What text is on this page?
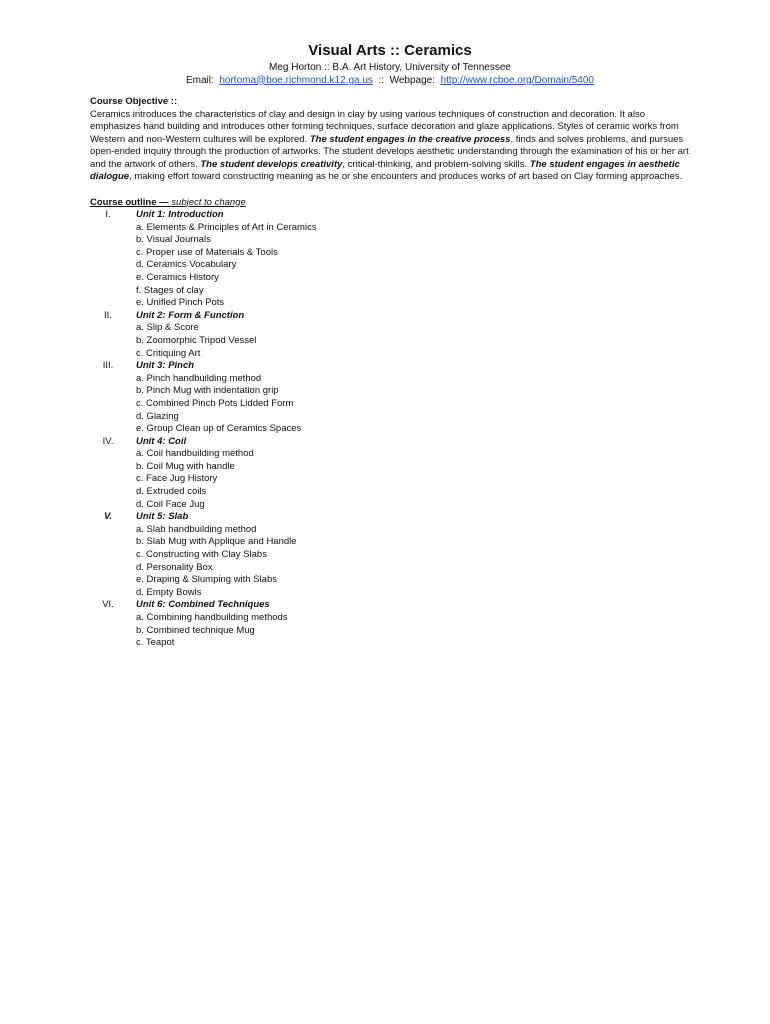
Visual Arts :: Ceramics
Meg Horton :: B.A. Art History, University of Tennessee
Email: hortoma@boe.richmond.k12.ga.us :: Webpage: http://www.rcboe.org/Domain/5400
Course Objective ::

Ceramics introduces the characteristics of clay and design in clay by using various techniques of construction and decoration. It also emphasizes hand building and introduces other forming techniques, surface decoration and glaze applications. Styles of ceramic works from Western and non-Western cultures will be explored. The student engages in the creative process, finds and solves problems, and pursues open-ended inquiry through the production of artworks. The student develops aesthetic understanding through the examination of his or her art and the artwork of others. The student develops creativity, critical-thinking, and problem-solving skills. The student engages in aesthetic dialogue, making effort toward constructing meaning as he or she encounters and produces works of art based on Clay forming approaches.

Course outline — subject to change
I.	Unit 1: Introduction
a. Elements & Principles of Art in Ceramics
b. Visual Journals
c. Proper use of Materials & Tools
d. Ceramics Vocabulary
e. Ceramics History
f. Stages of clay
e. Unified Pinch Pots
II.	Unit 2: Form & Function
a. Slip & Score
b. Zoomorphic Tripod Vessel
c. Critiquing Art
III.	Unit 3: Pinch
a. Pinch handbuilding method
b. Pinch Mug with indentation grip
c. Combined Pinch Pots Lidded Form
d. Glazing
e. Group Clean up of Ceramics Spaces
IV.	Unit 4: Coil
a. Coil handbuilding method
b. Coil Mug with handle
c. Face Jug History
d. Extruded coils
d. Coil Face Jug
V.	Unit 5: Slab
a. Slab handbuilding method
b. Slab Mug with Applique and Handle
c. Constructing with Clay Slabs
d. Personality Box
e. Draping & Slumping with Slabs
d. Empty Bowls
VI.	Unit 6: Combined Techniques
a. Combining handbuilding methods
b. Combined technique Mug
c. Teapot
